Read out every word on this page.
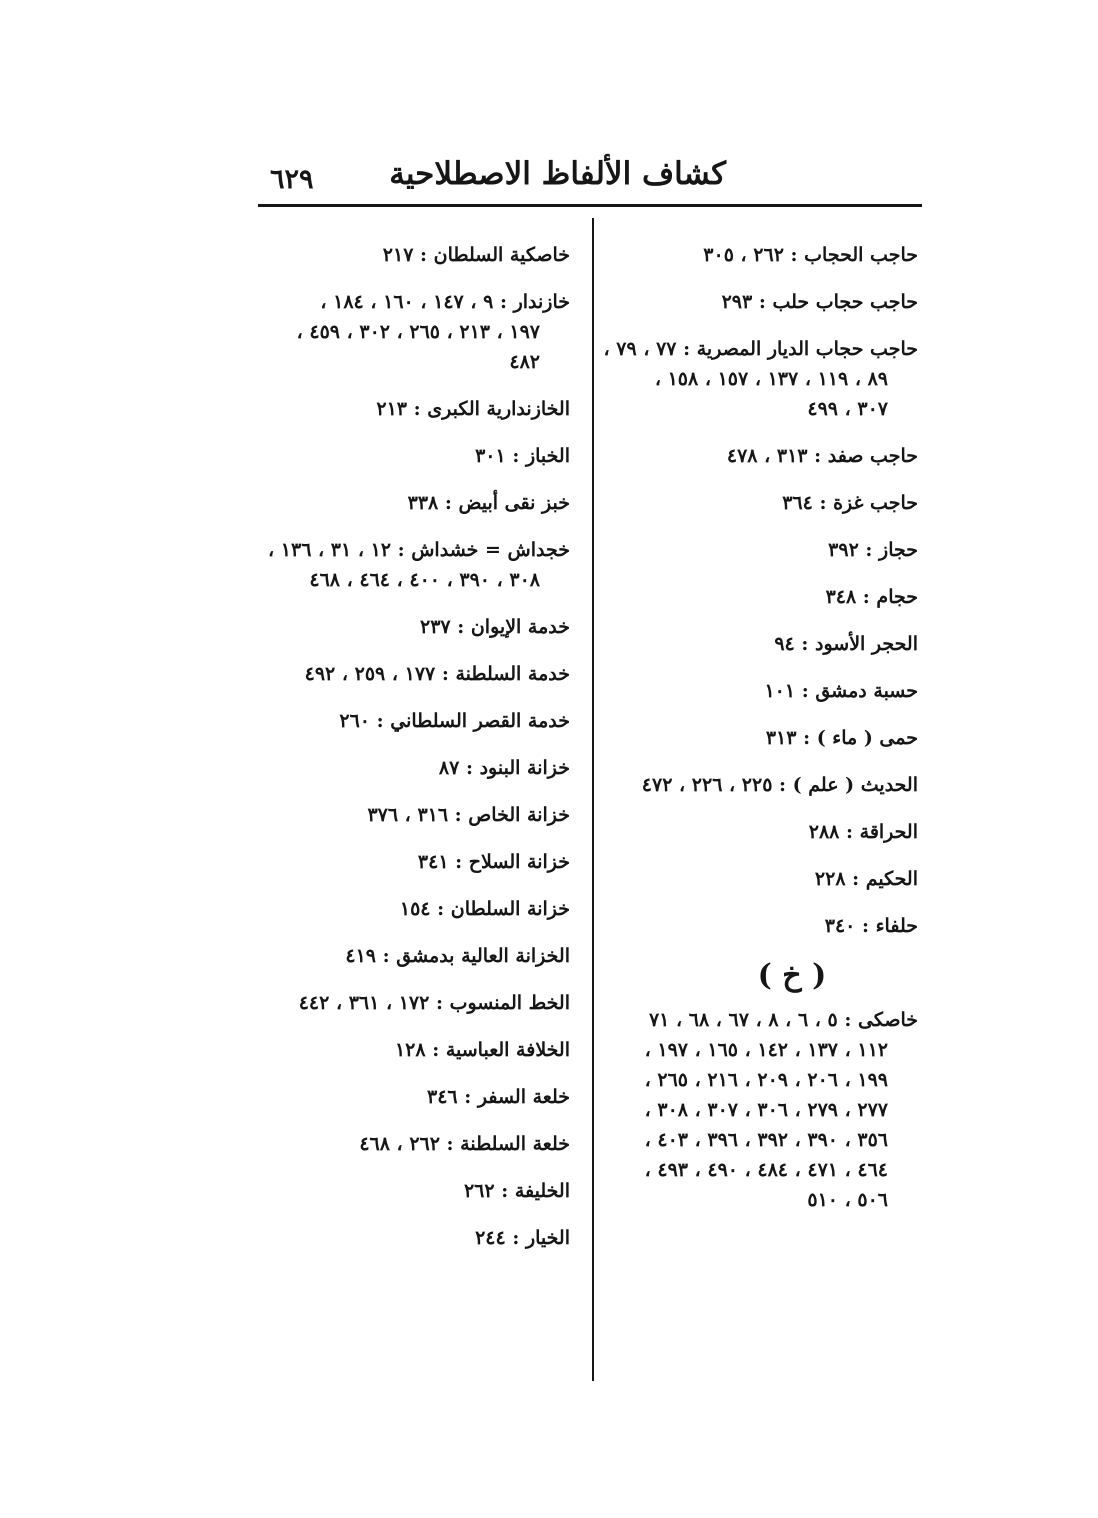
٦٢٩ كشاف الألفاظ الاصطلاحية
حاجب الحجاب : ۲٦۲ ، ۳۰٥
حاجب حجاب حلب : ۲۹۳
حاجب حجاب الديار المصرية : ۷۷ ، ۷۹ ،
۸۹ ، ۱۱۹ ، ۱۳۷ ، ۱٥۷ ، ۱٥۸ ،
۳۰۷ ، ٤۹۹
حاجب صفد : ۳۱۳ ، ٤۷۸
حاجب غزة : ۳٦٤
حجاز : ۳۹۲
حجام : ۳٤۸
الحجر الأسود : ۹٤
حسبة دمشق : ۱۰۱
حمى ( ماء ) : ۳۱۳
الحديث ( علم ) : ۲۲٥ ، ۲۲٦ ، ٤۷۲
الحراقة : ۲۸۸
الحكيم : ۲۲۸
حلفاء : ۳٤۰
( خ )
خاصكى : ٥ ، ٦ ، ۸ ، ٦۷ ، ٦۸ ، ۷۱
۱۱۲ ، ۱۳۷ ، ۱٤۲ ، ۱٦٥ ، ۱۹۷ ،
۱۹۹ ، ۲۰٦ ، ۲۰۹ ، ۲۱٦ ، ۲٦٥ ،
۲۷۷ ، ۲۷۹ ، ۳۰٦ ، ۳۰۷ ، ۳۰۸ ،
۳٥٦ ، ۳۹۰ ، ۳۹۲ ، ۳۹٦ ، ٤۰۳ ،
٤٦٤ ، ٤۷۱ ، ٤۸٤ ، ٤۹۰ ، ٤۹۳ ،
٥۰٦ ، ٥۱۰
خاصكية السلطان : ۲۱۷
خازندار : ۹ ، ۱٤۷ ، ۱٦۰ ، ۱۸٤ ،
۱۹۷ ، ۲۱۳ ، ۲٦٥ ، ۳۰۲ ، ٤٥۹ ،
٤۸۲
الخازندارية الكبرى : ۲۱۳
الخباز : ۳۰۱
خبز نقى أبيض : ۳۳۸
خجداش = خشداش : ۱۲ ، ۳۱ ، ۱۳٦ ،
۳۰۸ ، ۳۹۰ ، ٤۰۰ ، ٤٦٤ ، ٤٦۸
خدمة الإيوان : ۲۳۷
خدمة السلطنة : ۱۷۷ ، ۲٥۹ ، ٤۹۲
خدمة القصر السلطاني : ۲٦۰
خزانة البنود : ۸۷
خزانة الخاص : ۳۱٦ ، ۳۷٦
خزانة السلاح : ۳٤۱
خزانة السلطان : ۱٥٤
الخزانة العالية بدمشق : ٤۱۹
الخط المنسوب : ۱۷۲ ، ۳٦۱ ، ٤٤۲
الخلافة العباسية : ۱۲۸
خلعة السفر : ۳٤٦
خلعة السلطنة : ۲٦۲ ، ٤٦۸
الخليفة : ۲٦۲
الخيار : ۲٤٤
